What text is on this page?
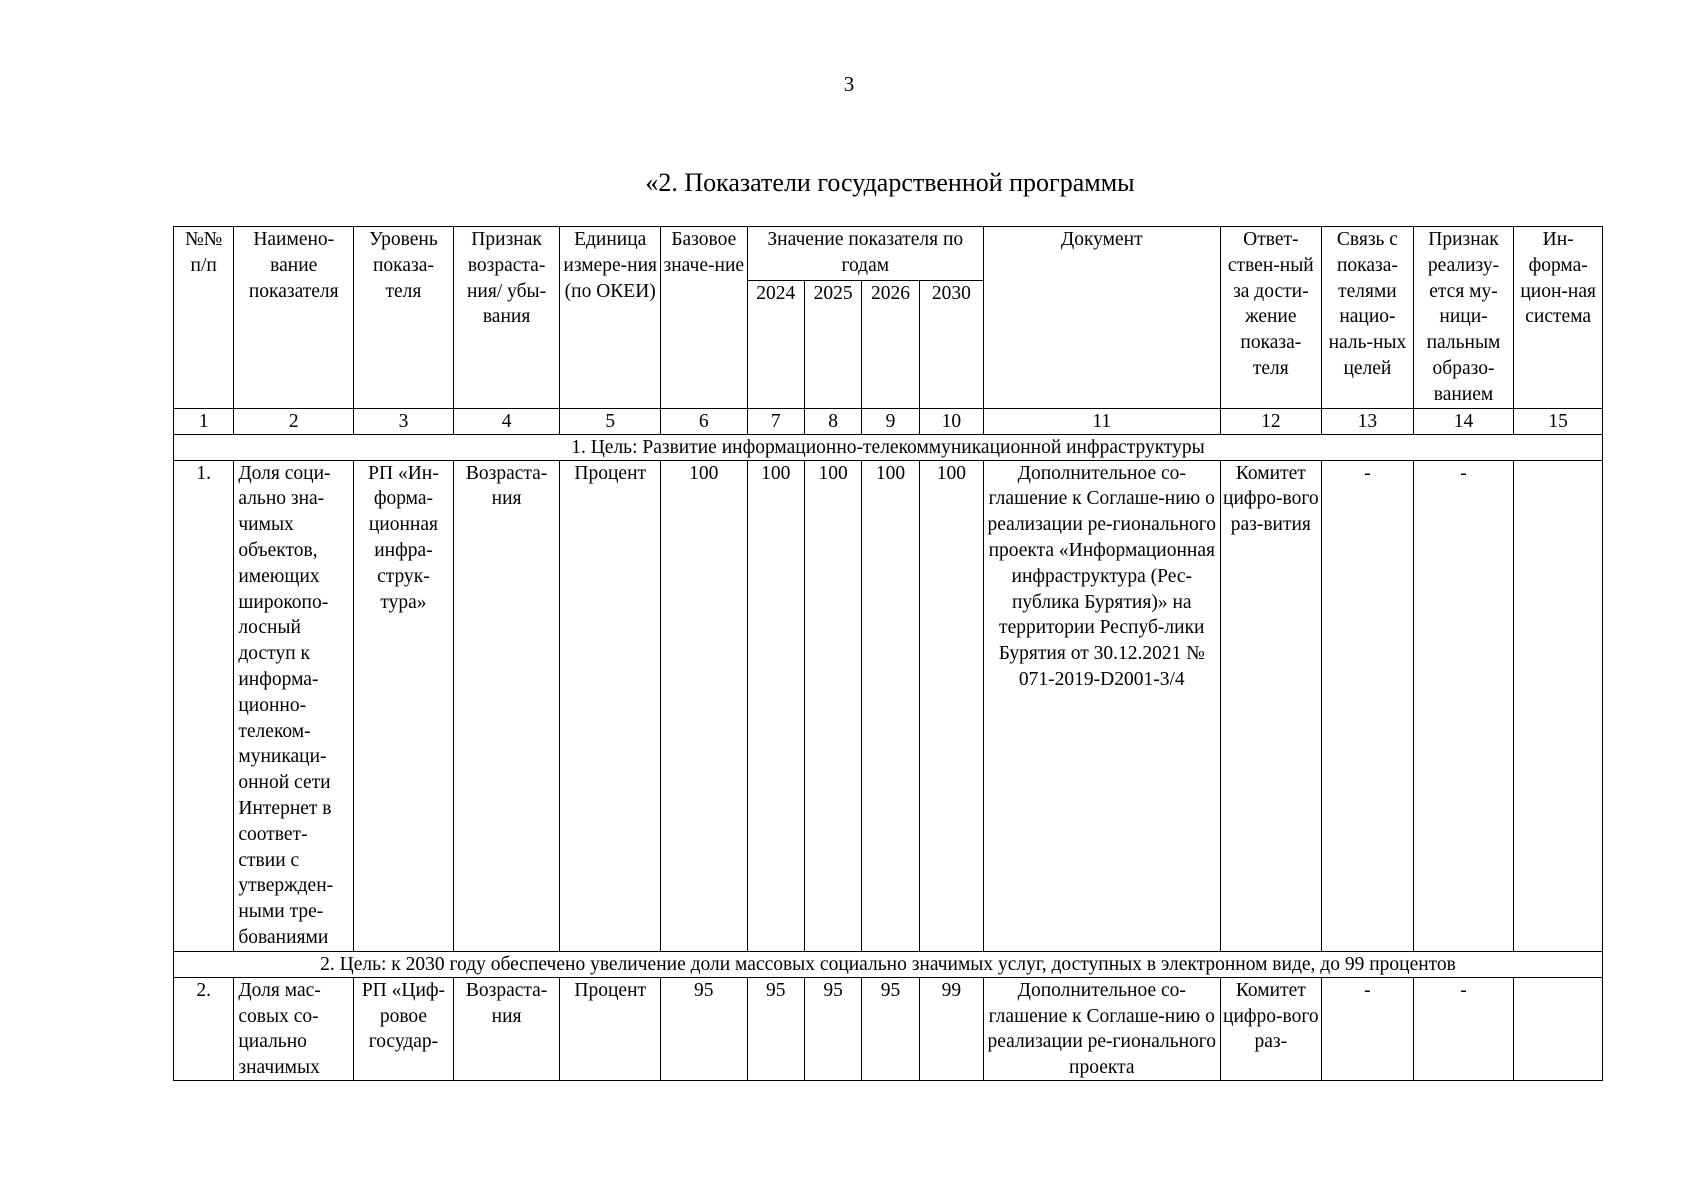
3
«2. Показатели государственной программы
№№ п/п	Наимено-вание показателя	Уровень показа-теля	Признак возраста-ния/ убы-вания	Единица измере-ния (по ОКЕИ)	Базовое значе-ние	Значение показателя по годам				Документ	Ответ-ствен-ный за дости-жение показа-теля	Связь с показа-телями нацио-наль-ных целей	Признак реализу-ется му-ници-пальным образо-ванием	Ин-форма-цион-ная система
						2024	2025	2026	2030					
1	2	3	4	5	6	7	8	9	10	11	12	13	14	15
1. Цель: Развитие информационно-телекоммуникационной инфраструктуры														
1.	Доля соци-ально зна-чимых объектов, имеющих широкопо-лосный доступ к информа-ционно-телеком-муникаци-онной сети Интернет в соответ-ствии с утвержден-ными тре-бованиями	РП «Ин-форма-ционная инфра-струк-тура»	Возраста-ния	Процент	100	100	100	100	100	Дополнительное со-глашение к Соглаше-нию о реализации ре-гионального проекта «Информационная инфраструктура (Рес-публика Бурятия)» на территории Респуб-лики Бурятия от 30.12.2021 № 071-2019-D2001-3/4	Комитет цифро-вого раз-вития	-	-	
2. Цель: к 2030 году обеспечено увеличение доли массовых социально значимых услуг, доступных в электронном виде, до 99 процентов														
2.	Доля мас-совых со-циально значимых	РП «Циф-ровое государ-	Возраста-ния	Процент	95	95	95	95	99	Дополнительное со-глашение к Соглаше-нию о реализации ре-гионального проекта	Комитет цифро-вого раз-	-	-	
